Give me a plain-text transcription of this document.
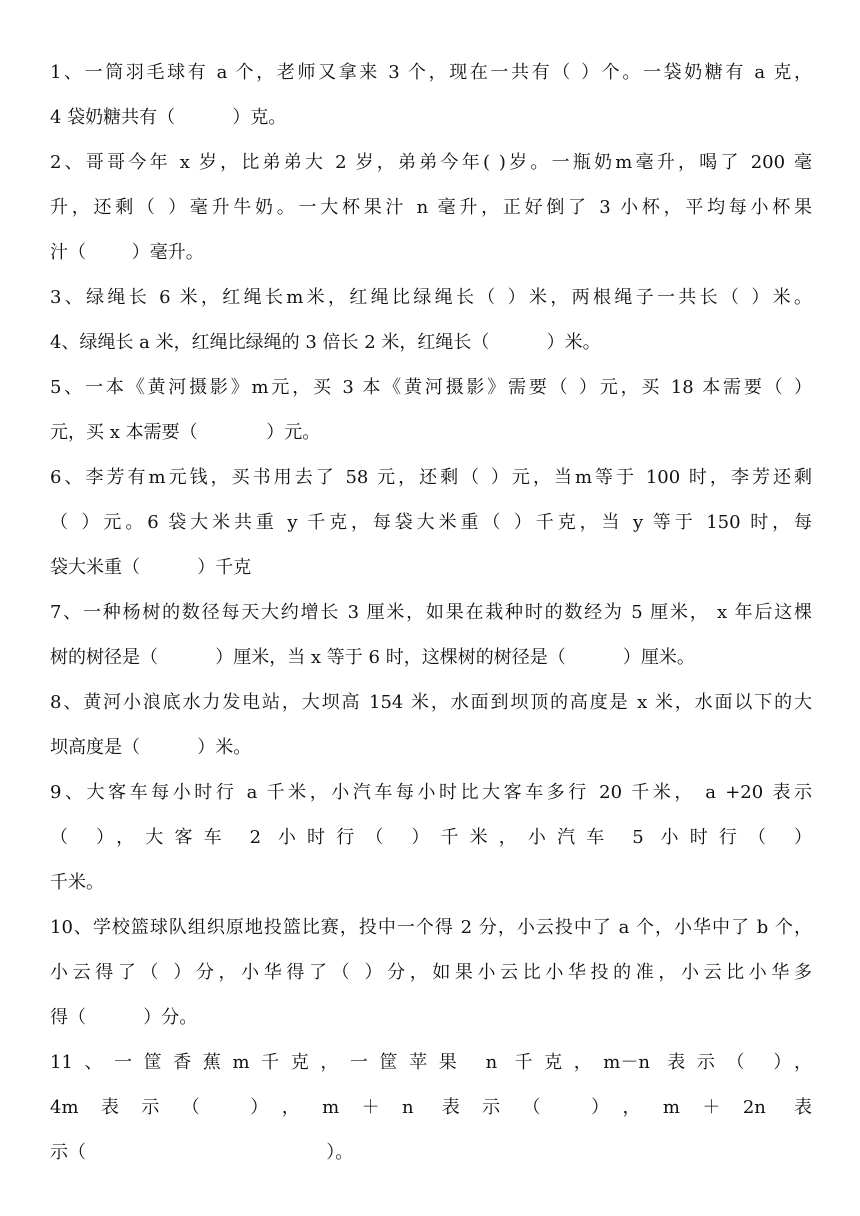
1、一筒羽毛球有 a 个，老师又拿来 3 个，现在一共有（ ）个。一袋奶糖有 a 克，
4 袋奶糖共有（          ）克。
2、哥哥今年 x 岁，比弟弟大 2 岁，弟弟今年( )岁。一瓶奶m毫升，喝了 200 毫
升，还剩（ ）毫升牛奶。一大杯果汁 n 毫升，正好倒了 3 小杯，平均每小杯果
汁（        ）毫升。
3、绿绳长 6 米，红绳长m米，红绳比绿绳长（ ）米，两根绳子一共长（ ）米。
4、绿绳长 a 米，红绳比绿绳的 3 倍长 2 米，红绳长（          ）米。
5、一本《黄河摄影》m元，买 3 本《黄河摄影》需要（ ）元，买 18 本需要（ ）
元，买 x 本需要（            ）元。
6、李芳有m元钱，买书用去了 58 元，还剩（ ）元，当m等于 100 时，李芳还剩
（ ）元。6 袋大米共重 y 千克，每袋大米重（ ）千克，当 y 等于 150 时，每
袋大米重（          ）千克
7、一种杨树的数径每天大约增长 3 厘米，如果在栽种时的数经为 5 厘米， x 年后这棵
树的树径是（          ）厘米，当 x 等于 6 时，这棵树的树径是（          ）厘米。
8、黄河小浪底水力发电站，大坝高 154 米，水面到坝顶的高度是 x 米，水面以下的大
坝高度是（          ）米。
9、大客车每小时行 a 千米，小汽车每小时比大客车多行 20 千米， a +20 表示
（ ），大客车 2 小时行（ ）千米，小汽车 5 小时行（ ）
千米。
10、学校篮球队组织原地投篮比赛，投中一个得 2 分，小云投中了 a 个，小华中了 b 个，
小云得了（ ）分，小华得了（ ）分，如果小云比小华投的准，小云比小华多
得（          ）分。
11、一筐香蕉m千克，一筐苹果 n 千克，m－n 表示（ ），
4m表示（ ），m＋n 表示（ ），m＋2n 表
示（                                          ）。
